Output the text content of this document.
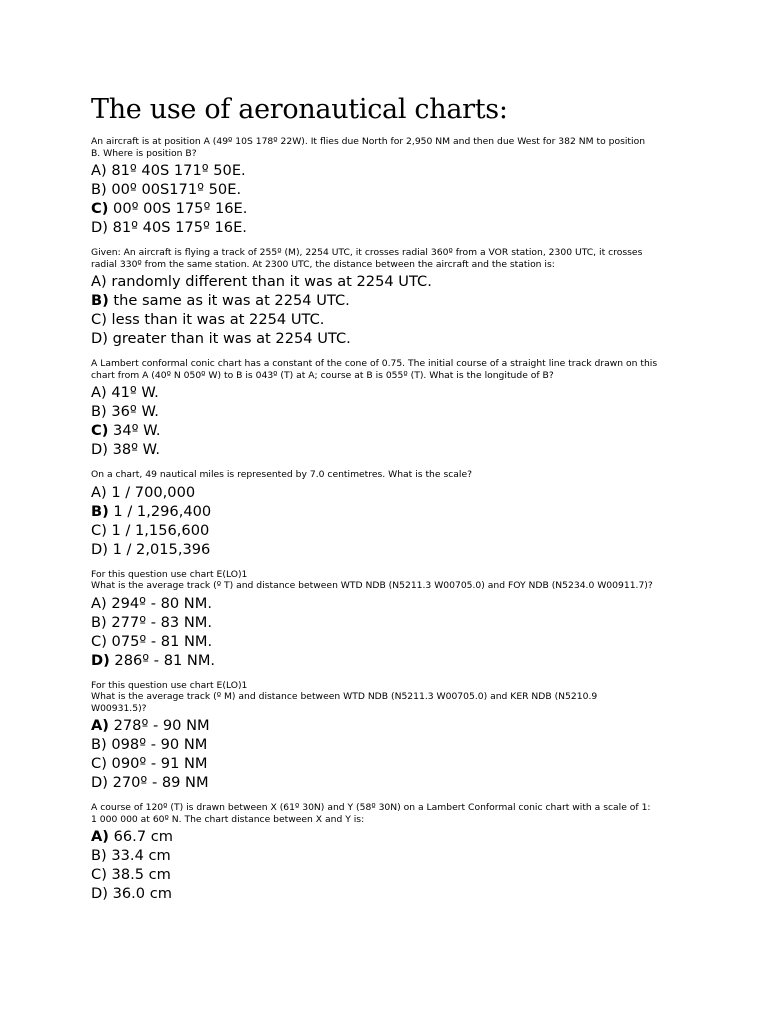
The use of aeronautical charts:

An aircraft is at position A (49º 10S 178º 22W). It flies due North for 2,950 NM and then due West for 382 NM to position
B. Where is position B?

A) 81º 40S 171º 50E.
B) 00º 00S171º 50E.
C) 00º 00S 175º 16E.
D) 81º 40S 175º 16E.

Given: An aircraft is flying a track of 255º (M), 2254 UTC, it crosses radial 360º from a VOR station, 2300 UTC, it crosses
radial 330º from the same station. At 2300 UTC, the distance between the aircraft and the station is:

A) randomly different than it was at 2254 UTC.
B) the same as it was at 2254 UTC.
C) less than it was at 2254 UTC.
D) greater than it was at 2254 UTC.

A Lambert conformal conic chart has a constant of the cone of 0.75. The initial course of a straight line track drawn on this
chart from A (40º N 050º W) to B is 043º (T) at A; course at B is 055º (T). What is the longitude of B?

A) 41º W.
B) 36º W.
C) 34º W.
D) 38º W.

On a chart, 49 nautical miles is represented by 7.0 centimetres. What is the scale?

A) 1 / 700,000
B) 1 / 1,296,400
C) 1 / 1,156,600
D) 1 / 2,015,396

For this question use chart E(LO)1
What is the average track (º T) and distance between WTD NDB (N5211.3 W00705.0) and FOY NDB (N5234.0 W00911.7)?

A) 294º - 80 NM.
B) 277º - 83 NM.
C) 075º - 81 NM.
D) 286º - 81 NM.

For this question use chart E(LO)1
What is the average track (º M) and distance between WTD NDB (N5211.3 W00705.0) and KER NDB (N5210.9
W00931.5)?

A) 278º - 90 NM
B) 098º - 90 NM
C) 090º - 91 NM
D) 270º - 89 NM

A course of 120º (T) is drawn between X (61º 30N) and Y (58º 30N) on a Lambert Conformal conic chart with a scale of 1:
1 000 000 at 60º N. The chart distance between X and Y is:

A) 66.7 cm
B) 33.4 cm
C) 38.5 cm
D) 36.0 cm
